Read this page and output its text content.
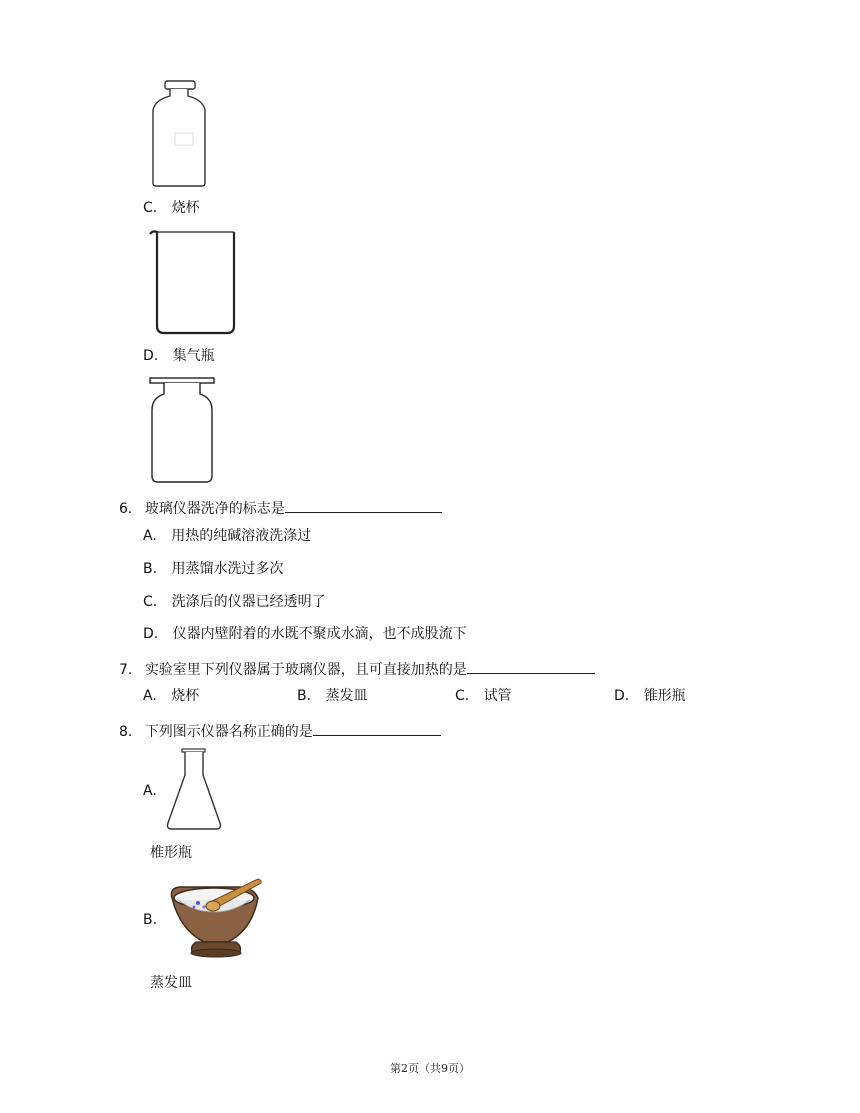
C. 烧杯
D. 集气瓶
6. 玻璃仪器洗净的标志是
A. 用热的纯碱溶液洗涤过
B. 用蒸馏水洗过多次
C. 洗涤后的仪器已经透明了
D. 仪器内壁附着的水既不聚成水滴，也不成股流下
7. 实验室里下列仪器属于玻璃仪器，且可直接加热的是
A. 烧杯	B. 蒸发皿	C. 试管	D. 锥形瓶
8. 下列图示仪器名称正确的是
A.
椎形瓶
B.
蒸发皿
第2页（共9页）
